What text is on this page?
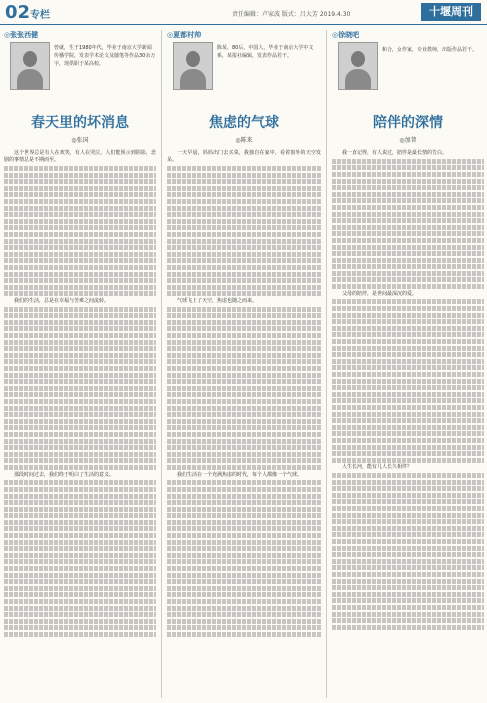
02 专栏	责任编辑：卢家波 版式：吕大芳 2019.4.30	十堰周刊
◎张张西健
曾就，生于1980年代，毕业于南京大学新闻传播学院，发表学术论文及随笔等作品30余万字，现供职于某高校。
春天里的坏消息
◎张国

这个世界总是有人在欢笑，有人在哭泣。人们能预示到阴影，悲剧的事情总是不期而至。

我们的生活，总是在幸福与苦难之间流转。

那段时间过去，我们终于明白了生活的意义。

◎夏都村帅
陈某，80后，中国人，毕业于南京大学中文系，某报社编辑，发表作品若干。
焦虑的气球
◎陈来

一天早晨，妈妈出门去买菜，我独自在家中，看着窗外的天空发呆。

气球飞上了天空，焦虑也随之而来。

我们生活在一个充满焦虑的时代，每个人都像一个气球。

◎徐晓吧
和合，女作家，专业教师，出版作品若干。
陪伴的深情
◎加普

我一直记得，有人说过，陪伴是最长情的告白。

父母的陪伴，是世间最深沉的爱。

人生长河，能有几人长久相伴？
